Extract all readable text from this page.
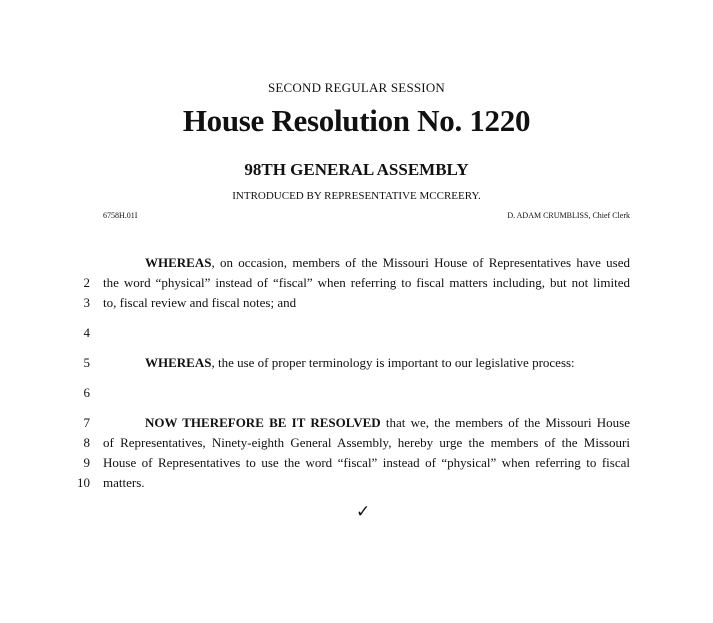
SECOND REGULAR SESSION
House Resolution No. 1220
98TH GENERAL ASSEMBLY
INTRODUCED BY REPRESENTATIVE MCCREERY.
6758H.01I	D. ADAM CRUMBLISS, Chief Clerk
WHEREAS, on occasion, members of the Missouri House of Representatives have used
2 the word “physical” instead of “fiscal” when referring to fiscal matters including, but not limited
3 to, fiscal review and fiscal notes; and
4
5	WHEREAS, the use of proper terminology is important to our legislative process:
6
7	NOW THEREFORE BE IT RESOLVED that we, the members of the Missouri House
8 of Representatives, Ninety-eighth General Assembly, hereby urge the members of the Missouri
9 House of Representatives to use the word “fiscal” instead of “physical” when referring to fiscal
10 matters.
✓
